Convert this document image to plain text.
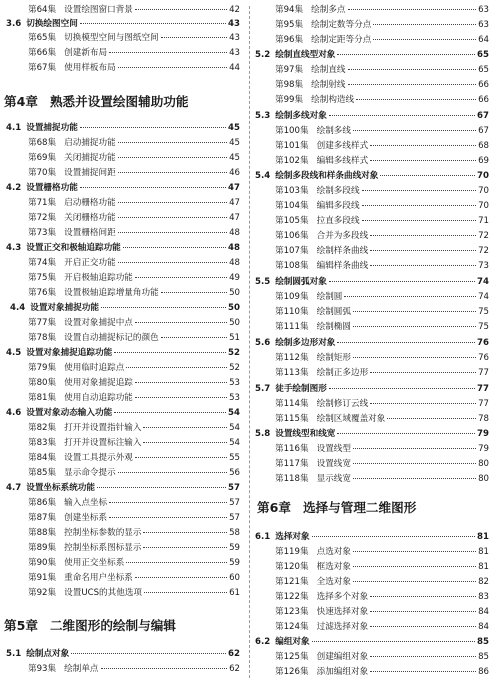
第64集 设置绘图窗口背景	42
3.6 切换绘图空间	43
第65集 切换模型空间与图纸空间	43
第66集 创建新布局	43
第67集 使用样板布局	44
4.1 设置捕捉功能	45
第68集 启动捕捉功能	45
第69集 关闭捕捉功能	45
第70集 设置捕捉间距	46
4.2 设置栅格功能	47
第71集 启动栅格功能	47
第72集 关闭栅格功能	47
第73集 设置栅格间距	48
4.3 设置正交和极轴追踪功能	48
第74集 开启正交功能	48
第75集 开启极轴追踪功能	49
第76集 设置极轴追踪增量角功能	50
4.4 设置对象捕捉功能	50
第77集 设置对象捕捉中点	50
第78集 设置自动捕捉标记的颜色	51
4.5 设置对象捕捉追踪功能	52
第79集 使用临时追踪点	52
第80集 使用对象捕捉追踪	53
第81集 使用自动追踪功能	53
4.6 设置对象动态输入功能	54
第82集 打开并设置指针输入	54
第83集 打开并设置标注输入	54
第84集 设置工具提示外观	55
第85集 显示命令提示	56
4.7 设置坐标系统功能	57
第86集 输入点坐标	57
第87集 创建坐标系	57
第88集 控制坐标参数的显示	58
第89集 控制坐标系图标显示	59
第90集 使用正交坐标系	59
第91集 重命名用户坐标系	60
第92集 设置UCS的其他选项	61
5.1 绘制点对象	62
第93集 绘制单点	62
第4章 熟悉并设置绘图辅助功能
第5章 二维图形的绘制与编辑
第94集 绘制多点	63
第95集 绘制定数等分点	63
第96集 绘制定距等分点	64
5.2 绘制直线型对象	65
第97集 绘制直线	65
第98集 绘制射线	66
第99集 绘制构造线	66
5.3 绘制多线对象	67
第100集 绘制多线	67
第101集 创建多线样式	68
第102集 编辑多线样式	69
5.4 绘制多段线和样条曲线对象	70
第103集 绘制多段线	70
第104集 编辑多段线	70
第105集 拉直多段线	71
第106集 合并为多段线	72
第107集 绘制样条曲线	72
第108集 编辑样条曲线	73
5.5 绘制圆弧对象	74
第109集 绘制圆	74
第110集 绘制圆弧	75
第111集 绘制椭圆	75
5.6 绘制多边形对象	76
第112集 绘制矩形	76
第113集 绘制正多边形	77
5.7 徒手绘制图形	77
第114集 绘制修订云线	77
第115集 绘制区域覆盖对象	78
5.8 设置线型和线宽	79
第116集 设置线型	79
第117集 设置线宽	80
第118集 显示线宽	80
6.1 选择对象	81
第119集 点选对象	81
第120集 框选对象	81
第121集 全选对象	82
第122集 选择多个对象	83
第123集 快速选择对象	84
第124集 过滤选择对象	84
6.2 编组对象	85
第125集 创建编组对象	85
第126集 添加编组对象	86
第6章 选择与管理二维图形
